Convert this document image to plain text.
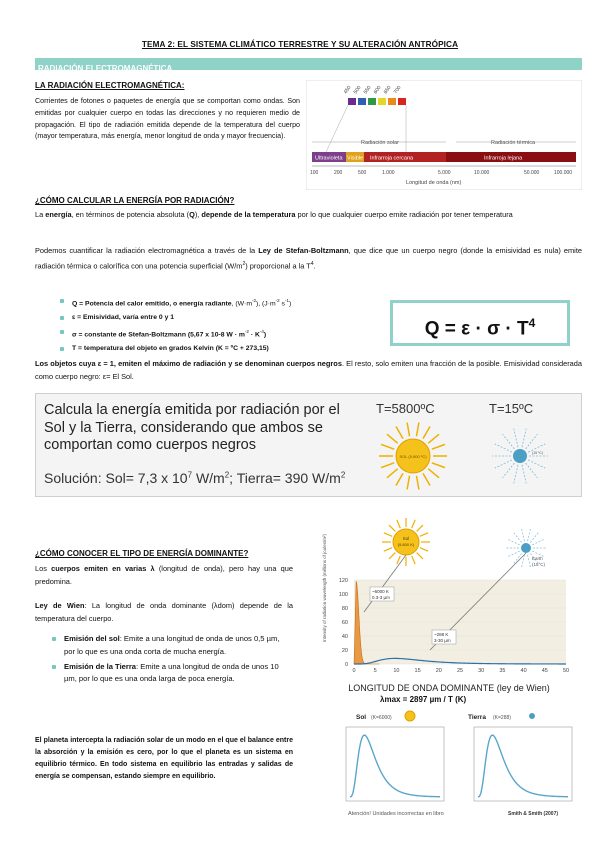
TEMA 2: EL SISTEMA CLIMÁTICO TERRESTRE Y SU ALTERACIÓN ANTRÓPICA
RADIACIÓN ELECTROMAGNÉTICA
LA RADIACIÓN ELECTROMAGNÉTICA:
Corrientes de fotones o paquetes de energía que se comportan como ondas. Son emitidas por cualquier cuerpo en todas las direcciones y no requieren medio de propagación. El tipo de radiación emitida depende de la temperatura del cuerpo (mayor temperatura, más energía, menor longitud de onda y mayor frecuencia).
450 500 550 600 650 700
Radiación solar	Radiación térmica
Ultravioleta Visible Infrarroja cercana	Infrarroja lejana
100	200	500	1.000	5.000	10.000	50.000	100.000
Longitud de onda (nm)
¿CÓMO CALCULAR LA ENERGÍA POR RADIACIÓN?
La energía, en términos de potencia absoluta (Q), depende de la temperatura por lo que cualquier cuerpo emite radiación por tener temperatura
Podemos cuantificar la radiación electromagnética a través de la Ley de Stefan-Boltzmann, que dice que un cuerpo negro (donde la emisividad es nula) emite radiación térmica o calorífica con una potencia superficial $(W/m^2)$ proporcional a la $T^4$.
Q = Potencia del calor emitido, o energía radiante, $(W\cdot m^{-2})$, ($J\cdot m^{-2}$ $s^{-1}$)
ε = Emisividad, varía entre 0 y 1
σ = constante de Stefan-Boltzmann (5,67 x 10-8 $W \cdot m^{-2} \cdot K^{-4}$)
T = temperatura del objeto en grados Kelvin (K = ºC + 273,15)
$Q = \varepsilon \cdot \sigma \cdot T^4$
Los objetos cuya ε = 1, emiten el máximo de radiación y se denominan cuerpos negros. El resto, solo emiten una fracción de la posible. Emisividad considerada como cuerpo negro: ε= El Sol.
Calcula la energía emitida por radiación por el Sol y la Tierra, considerando que ambos se comportan como cuerpos negros
Solución: Sol= 7,3 x $10^7$ $W/m^2$; Tierra= 390 $W/m^2$
T=5800ºC	T=15ºC
SOL (5.800 ºC)
(15 ºC)
¿CÓMO CONOCER EL TIPO DE ENERGÍA DOMINANTE?
Los cuerpos emiten en varias λ (longitud de onda), pero hay una que predomina.
Ley de Wien: La longitud de onda dominante (λdom) depende de la temperatura del cuerpo.
Emisión del sol: Emite a una longitud de onda de unos 0,5 µm, por lo que es una onda corta de mucha energía.
Emisión de la Tierra: Emite a una longitud de onda de unos 10 µm, por lo que es una onda larga de poca energía.
El planeta intercepta la radiación solar de un modo en el que el balance entre la absorción y la emisión es cero, por lo que el planeta es un sistema en equilibrio térmico. En todo sistema en equilibrio las entradas y salidas de energía se compensan, estando siempre en equilibrio.
Sol
(5.800 K)
Earth
(15°C)
0
20
40
60
80
100
120
0	5	10	15	20	25	30	35	40	45	50
Intensity of radiation wavelength (millions of joules/m²)	~6000 K
0.3-3 µm
~288 K
3-30 µm
LONGITUD DE ONDA DOMINANTE (ley de Wien)
λmax = 2897 µm / T (K)
Sol (K=6000)	Tierra (K=288)
Atención! Unidades incorrectas en libro	Smith & Smith (2007)
